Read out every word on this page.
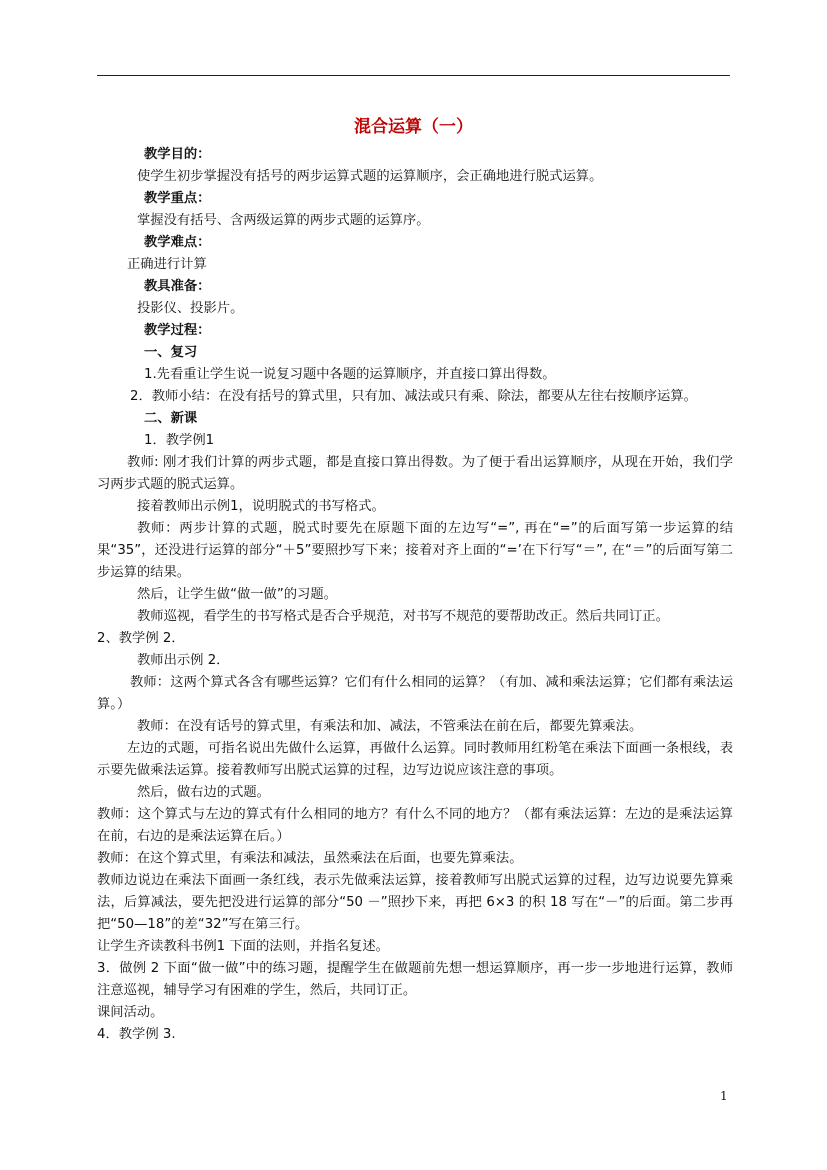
混合运算（一）
教学目的：
使学生初步掌握没有括号的两步运算式题的运算顺序，会正确地进行脱式运算。
教学重点：
掌握没有括号、含两级运算的两步式题的运算序。
教学难点：
正确进行计算
教具准备：
投影仪、投影片。
教学过程：
一、复习
1.先看重让学生说一说复习题中各题的运算顺序，并直接口算出得数。
2．教师小结：在没有括号的算式里，只有加、减法或只有乘、除法，都要从左往右按顺序运算。
二、新课
1．教学例1
教师: 刚才我们计算的两步式题，都是直接口算出得数。为了便于看出运算顺序，从现在开始，我们学习两步式题的脱式运算。
接着教师出示例1，说明脱式的书写格式。
教师：两步计算的式题，脱式时要先在原题下面的左边写“=”, 再在“=”的后面写第一步运算的结果“35”，还没进行运算的部分“＋5”要照抄写下来；接着对齐上面的“=’在下行写“＝”, 在“＝”的后面写第二步运算的结果。
然后，让学生做“做一做”的习题。
教师巡视，看学生的书写格式是否合乎规范，对书写不规范的要帮助改正。然后共同订正。
2、教学例 2．
教师出示例 2．
教师：这两个算式各含有哪些运算？它们有什么相同的运算？（有加、减和乘法运算；它们都有乘法运算。）
教师：在没有话号的算式里，有乘法和加、减法，不管乘法在前在后，都要先算乘法。
左边的式题，可指名说出先做什么运算，再做什么运算。同时教师用红粉笔在乘法下面画一条根线，表示要先做乘法运算。接着教师写出脱式运算的过程，边写边说应该注意的事项。
然后，做右边的式题。
教师：这个算式与左边的算式有什么相同的地方？有什么不同的地方？（都有乘法运算：左边的是乘法运算在前，右边的是乘法运算在后。）
教师：在这个算式里，有乘法和减法，虽然乘法在后面，也要先算乘法。
教师边说边在乘法下面画一条红线，表示先做乘法运算，接着教师写出脱式运算的过程，边写边说要先算乘法，后算减法，要先把没进行运算的部分“50 －”照抄下来，再把 6×3 的积 18 写在“－”的后面。第二步再把“50—18”的差“32”写在第三行。
让学生齐读教科书例1 下面的法则，并指名复述。
3．做例 2 下面“做一做”中的练习题，提醒学生在做题前先想一想运算顺序，再一步一步地进行运算，教师注意巡视，辅导学习有困难的学生，然后，共同订正。
课间活动。
4．教学例 3.
1
